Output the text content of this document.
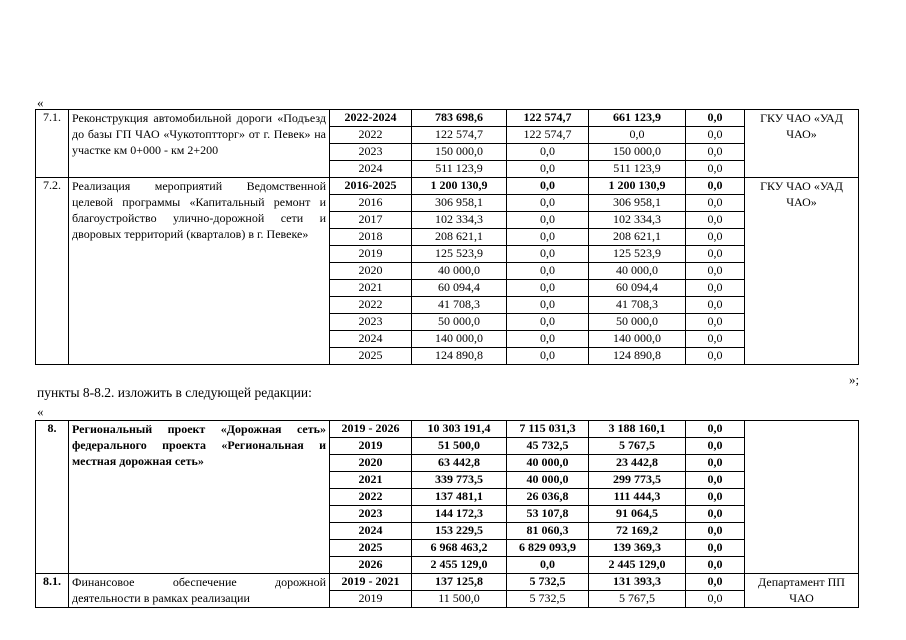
«
7.1.	Реконструкция автомобильной дороги «Подъезд до базы ГП ЧАО «Чукотоптторг» от г. Певек» на участке км 0+000 - км 2+200	2022-2024	783 698,6	122 574,7	661 123,9	0,0	ГКУ ЧАО «УАД ЧАО»
		2022	122 574,7	122 574,7	0,0	0,0	
		2023	150 000,0	0,0	150 000,0	0,0	
		2024	511 123,9	0,0	511 123,9	0,0	
7.2.	Реализация мероприятий Ведомственной целевой программы «Капитальный ремонт и благоустройство улично-дорожной сети и дворовых территорий (кварталов) в г. Певеке»	2016-2025	1 200 130,9	0,0	1 200 130,9	0,0	ГКУ ЧАО «УАД ЧАО»
		2016	306 958,1	0,0	306 958,1	0,0	
		2017	102 334,3	0,0	102 334,3	0,0	
		2018	208 621,1	0,0	208 621,1	0,0	
		2019	125 523,9	0,0	125 523,9	0,0	
		2020	40 000,0	0,0	40 000,0	0,0	
		2021	60 094,4	0,0	60 094,4	0,0	
		2022	41 708,3	0,0	41 708,3	0,0	
		2023	50 000,0	0,0	50 000,0	0,0	
		2024	140 000,0	0,0	140 000,0	0,0	
		2025	124 890,8	0,0	124 890,8	0,0	
»;
пункты 8-8.2. изложить в следующей редакции:
«
8.	Региональный проект «Дорожная сеть» федерального проекта «Региональная и местная дорожная сеть»	2019 - 2026	10 303 191,4	7 115 031,3	3 188 160,1	0,0	
		2019	51 500,0	45 732,5	5 767,5	0,0	
		2020	63 442,8	40 000,0	23 442,8	0,0	
		2021	339 773,5	40 000,0	299 773,5	0,0	
		2022	137 481,1	26 036,8	111 444,3	0,0	
		2023	144 172,3	53 107,8	91 064,5	0,0	
		2024	153 229,5	81 060,3	72 169,2	0,0	
		2025	6 968 463,2	6 829 093,9	139 369,3	0,0	
		2026	2 455 129,0	0,0	2 445 129,0	0,0	
8.1.	Финансовое обеспечение дорожной деятельности в рамках реализации	2019 - 2021	137 125,8	5 732,5	131 393,3	0,0	Департамент ПП ЧАО
		2019	11 500,0	5 732,5	5 767,5	0,0	
